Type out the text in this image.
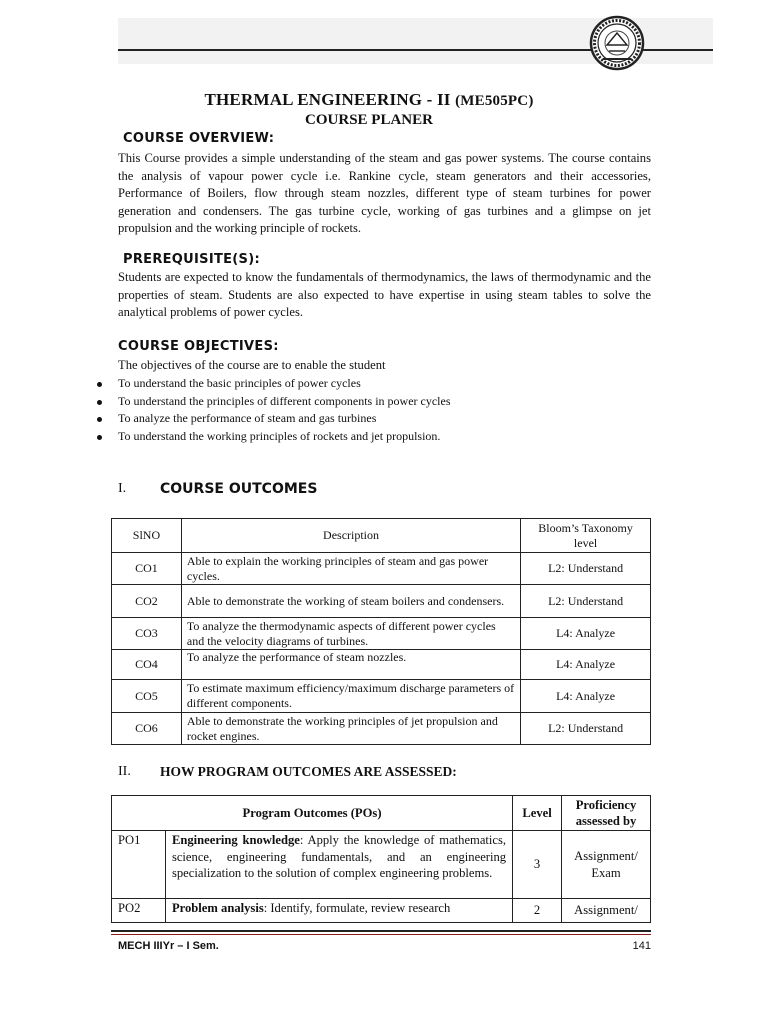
THERMAL ENGINEERING - II (ME505PC)
COURSE PLANER
COURSE OVERVIEW:
This Course provides a simple understanding of the steam and gas power systems. The course contains the analysis of vapour power cycle i.e. Rankine cycle, steam generators and their accessories, Performance of Boilers, flow through steam nozzles, different type of steam turbines for power generation and condensers. The gas turbine cycle, working of gas turbines and a glimpse on jet propulsion and the working principle of rockets.
PREREQUISITE(S):
Students are expected to know the fundamentals of thermodynamics, the laws of thermodynamic and the properties of steam. Students are also expected to have expertise in using steam tables to solve the analytical problems of power cycles.
COURSE OBJECTIVES:
The objectives of the course are to enable the student
To understand the basic principles of power cycles
To understand the principles of different components in power cycles
To analyze the performance of steam and gas turbines
To understand the working principles of rockets and jet propulsion.
I. COURSE OUTCOMES
SlNO	Description	Bloom’s Taxonomy level
CO1	Able to explain the working principles of steam and gas power cycles.	L2: Understand
CO2	Able to demonstrate the working of steam boilers and condensers.	L2: Understand
CO3	To analyze the thermodynamic aspects of different power cycles and the velocity diagrams of turbines.	L4: Analyze
CO4	To analyze the performance of steam nozzles.	L4: Analyze
CO5	To estimate maximum efficiency/maximum discharge parameters of different components.	L4: Analyze
CO6	Able to demonstrate the working principles of jet propulsion and rocket engines.	L2: Understand
II. HOW PROGRAM OUTCOMES ARE ASSESSED:
Program Outcomes (POs)		Level	Proficiency assessed by
PO1	Engineering knowledge: Apply the knowledge of mathematics, science, engineering fundamentals, and an engineering specialization to the solution of complex engineering problems.	3	Assignment/ Exam
PO2	Problem analysis: Identify, formulate, review research	2	Assignment/
MECH IIIYr – I Sem.	141
